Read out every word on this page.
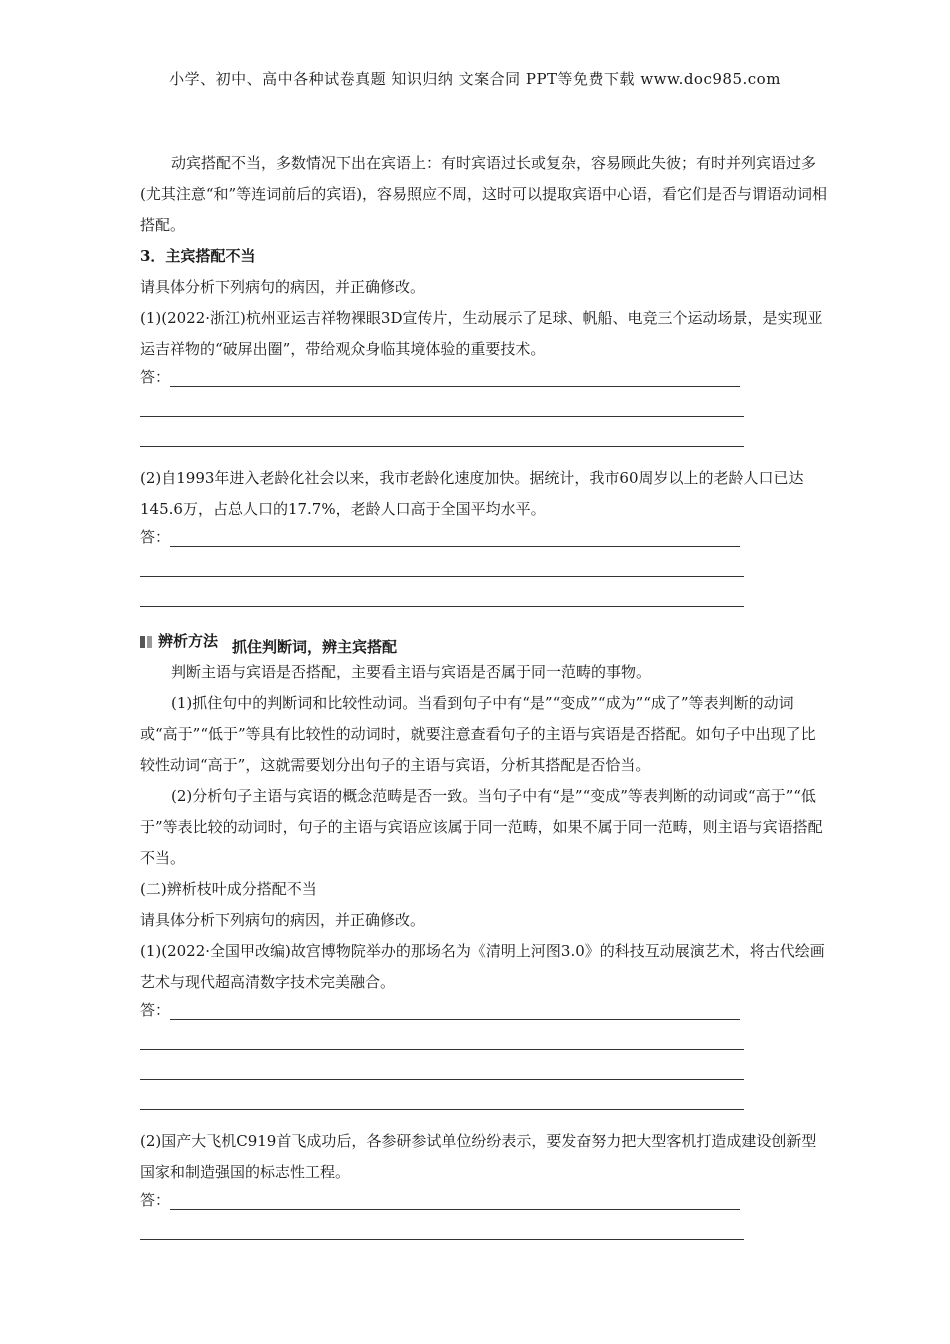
小学、初中、高中各种试卷真题 知识归纳 文案合同 PPT等免费下载 www.doc985.com

动宾搭配不当，多数情况下出在宾语上：有时宾语过长或复杂，容易顾此失彼；有时并列宾语过多(尤其注意“和”等连词前后的宾语)，容易照应不周，这时可以提取宾语中心语，看它们是否与谓语动词相搭配。

3．主宾搭配不当

请具体分析下列病句的病因，并正确修改。

(1)(2022·浙江)杭州亚运吉祥物裸眼3D宣传片，生动展示了足球、帆船、电竞三个运动场景，是实现亚运吉祥物的“破屏出圈”，带给观众身临其境体验的重要技术。

答：

(2)自1993年进入老龄化社会以来，我市老龄化速度加快。据统计，我市60周岁以上的老龄人口已达145.6万，占总人口的17.7%，老龄人口高于全国平均水平。

答：
辨析方法 抓住判断词，辨主宾搭配

判断主语与宾语是否搭配，主要看主语与宾语是否属于同一范畴的事物。

(1)抓住句中的判断词和比较性动词。当看到句子中有“是”“变成”“成为”“成了”等表判断的动词或“高于”“低于”等具有比较性的动词时，就要注意查看句子的主语与宾语是否搭配。如句子中出现了比较性动词“高于”，这就需要划分出句子的主语与宾语，分析其搭配是否恰当。

(2)分析句子主语与宾语的概念范畴是否一致。当句子中有“是”“变成”等表判断的动词或“高于”“低于”等表比较的动词时，句子的主语与宾语应该属于同一范畴，如果不属于同一范畴，则主语与宾语搭配不当。

(二)辨析枝叶成分搭配不当

请具体分析下列病句的病因，并正确修改。

(1)(2022·全国甲改编)故宫博物院举办的那场名为《清明上河图3.0》的科技互动展演艺术，将古代绘画艺术与现代超高清数字技术完美融合。

答：

(2)国产大飞机C919首飞成功后，各参研参试单位纷纷表示，要发奋努力把大型客机打造成建设创新型国家和制造强国的标志性工程。

答：
